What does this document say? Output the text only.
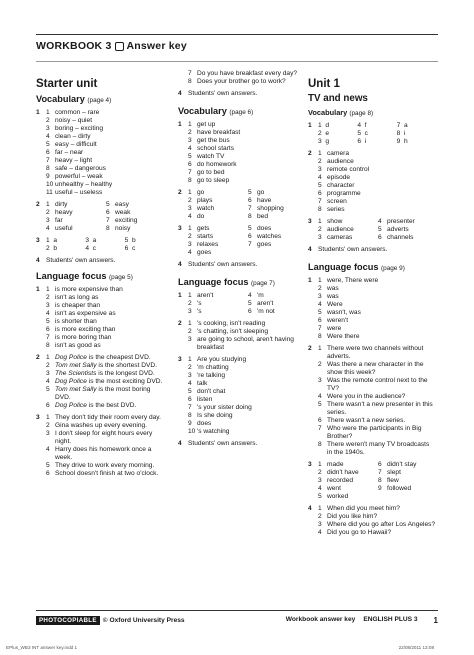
WORKBOOK 3 Answer key
Starter unit
Vocabulary (page 4)
1 1 common – rare
2 noisy – quiet
3 boring – exciting
4 clean – dirty
5 easy – difficult
6 far – near
7 heavy – light
8 safe – dangerous
9 powerful – weak
10 unhealthy – healthy
11 useful – useless
2 1 dirty
2 heavy
3 far
4 useful
5 easy
6 weak
7 exciting
8 noisy
3 1  a	3  a	5  b
2  b	4  c	6  c
4 Students' own answers.
Language focus (page 5)
1 1 is more expensive than
2 isn't as long as
3 is cheaper than
4 isn't as expensive as
5 is shorter than
6 is more exciting than
7 is more boring than
8 isn't as good as
2 1 Dog Police is the cheapest DVD.
2 Tom met Sally is the shortest DVD.
3 The Scientists is the longest DVD.
4 Dog Police is the most exciting DVD.
5 Tom met Sally is the most boring DVD.
6 Dog Police is the best DVD.
3 1 They don't tidy their room every day.
2 Gina washes up every evening.
3 I don't sleep for eight hours every night.
4 Harry does his homework once a week.
5 They drive to work every morning.
6 School doesn't finish at two o'clock.
7 Do you have breakfast every day?
8 Does your brother go to work?
4 Students' own answers.
Vocabulary (page 6)
1 1 get up
2 have breakfast
3 get the bus
4 school starts
5 watch TV
6 do homework
7 go to bed
8 go to sleep
2 1 go
2 plays
3 watch
4 do
5 go
6 have
7 shopping
8 bed
3 1 gets
2 starts
3 relaxes
4 goes
5 does
6 watches
7 goes
4 Students' own answers.
Language focus (page 7)
1 1 aren't
2 's
3 's
4 'm
5 aren't
6 'm not
2 1 's cooking, isn't reading
2 's chatting, isn't sleeping
3 are going to school, aren't having breakfast
3 1 Are you studying
2 'm chatting
3 're talking
4 talk
5 don't chat
6 listen
7 's your sister doing
8 Is she doing
9 does
10 's watching
4 Students' own answers.
Unit 1
TV and news
Vocabulary (page 8)
1 1  d	4  f	7  a
2  e	5  c	8  i
3  g	6  i	9  h
2 1 camera
2 audience
3 remote control
4 episode
5 character
6 programme
7 screen
8 series
3 1 show
2 audience
3 cameras
4 presenter
5 adverts
6 channels
4 Students' own answers.
Language focus (page 9)
1 1 were, There were
2 was
3 was
4 Were
5 wasn't, was
6 weren't
7 were
8 Were there
2 1 There were two channels without adverts.
2 Was there a new character in the show this week?
3 Was the remote control next to the TV?
4 Were you in the audience?
5 There wasn't a new presenter in this series.
6 There wasn't a new series.
7 Who were the participants in Big Brother?
8 There weren't many TV broadcasts in the 1940s.
3 1 made
2 didn't have
3 recorded
4 went
5 worked
6 didn't stay
7 slept
8 flew
9 followed
4 1 When did you meet him?
2 Did you like him?
3 Where did you go after Los Angeles?
4 Did you go to Hawaii?
PHOTOCOPIABLE © Oxford University Press	Workbook answer key ENGLISH PLUS 3 1
EPlus_WB3 INT answer key.indd 1	22/08/2011 13:08
